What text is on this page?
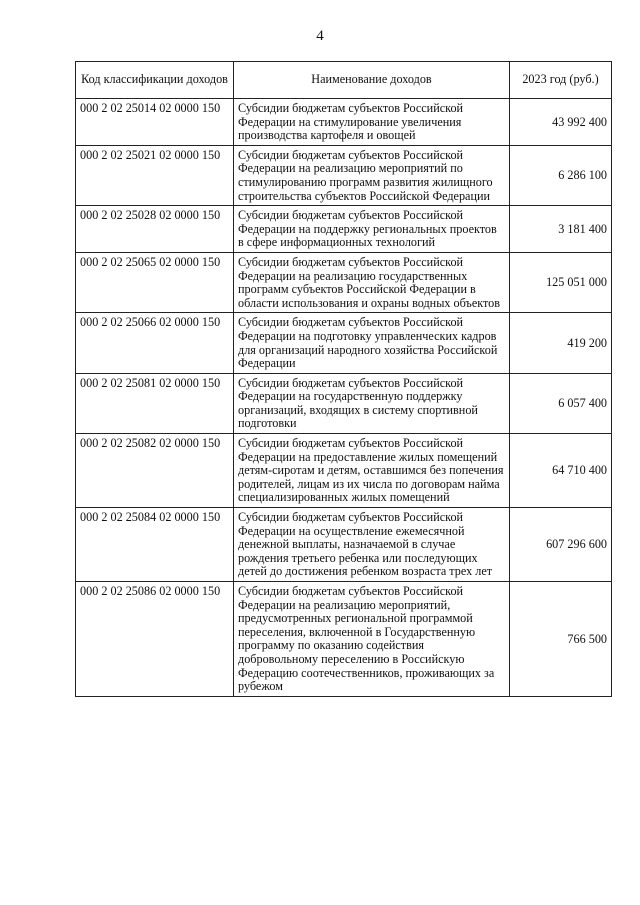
4
Код классификации доходов	Наименование доходов	2023 год (руб.)
000 2 02 25014 02 0000 150	Субсидии бюджетам субъектов Российской Федерации на стимулирование увеличения производства картофеля и овощей	43 992 400
000 2 02 25021 02 0000 150	Субсидии бюджетам субъектов Российской Федерации на реализацию мероприятий по стимулированию программ развития жилищного строительства субъектов Российской Федерации	6 286 100
000 2 02 25028 02 0000 150	Субсидии бюджетам субъектов Российской Федерации на поддержку региональных проектов в сфере информационных технологий	3 181 400
000 2 02 25065 02 0000 150	Субсидии бюджетам субъектов Российской Федерации на реализацию государственных программ субъектов Российской Федерации в области использования и охраны водных объектов	125 051 000
000 2 02 25066 02 0000 150	Субсидии бюджетам субъектов Российской Федерации на подготовку управленческих кадров для организаций народного хозяйства Российской Федерации	419 200
000 2 02 25081 02 0000 150	Субсидии бюджетам субъектов Российской Федерации на государственную поддержку организаций, входящих в систему спортивной подготовки	6 057 400
000 2 02 25082 02 0000 150	Субсидии бюджетам субъектов Российской Федерации на предоставление жилых помещений детям-сиротам и детям, оставшимся без попечения родителей, лицам из их числа по договорам найма специализированных жилых помещений	64 710 400
000 2 02 25084 02 0000 150	Субсидии бюджетам субъектов Российской Федерации на осуществление ежемесячной денежной выплаты, назначаемой в случае рождения третьего ребенка или последующих детей до достижения ребенком возраста трех лет	607 296 600
000 2 02 25086 02 0000 150	Субсидии бюджетам субъектов Российской Федерации на реализацию мероприятий, предусмотренных региональной программой переселения, включенной в Государственную программу по оказанию содействия добровольному переселению в Российскую Федерацию соотечественников, проживающих за рубежом	766 500
